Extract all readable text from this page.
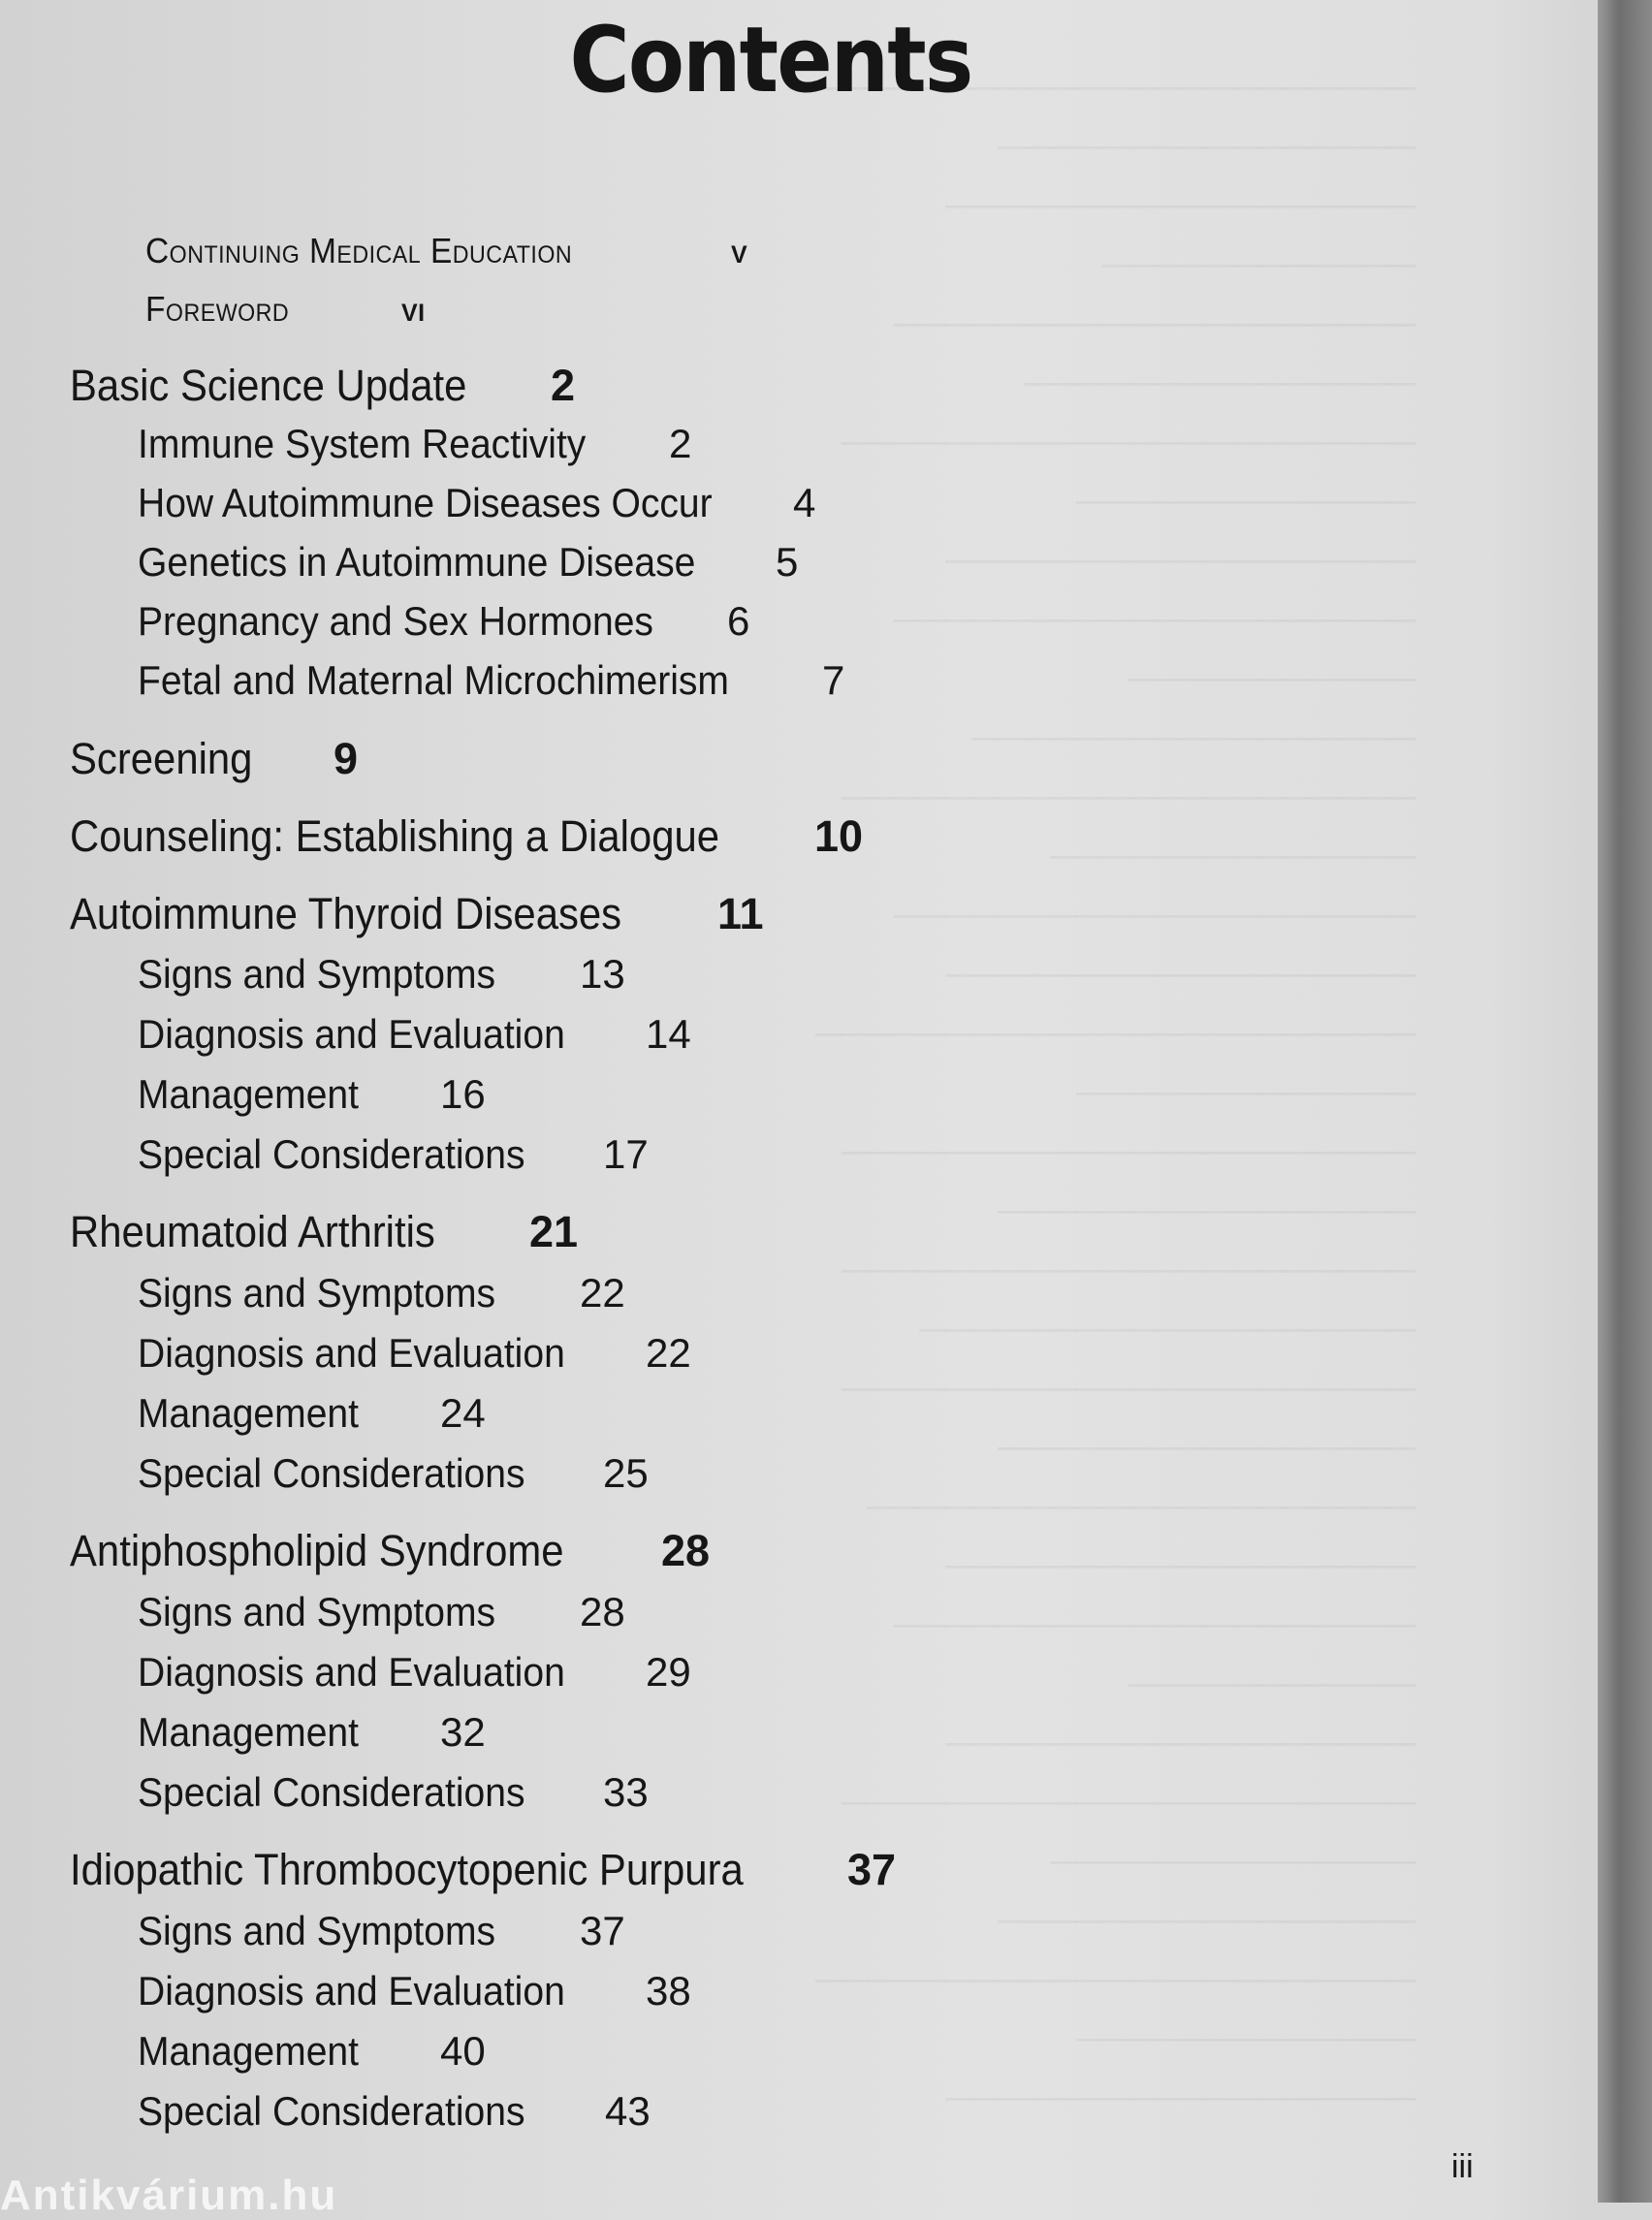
────────────────────────
────────────────
──────────────────
────────────
────────────────────
───────────────
──────────────────────
─────────────
──────────────────
────────────────────
───────────
─────────────────
──────────────────────
──────────────
────────────────────
──────────────────
───────────────────────
─────────────
──────────────────────
────────────────
──────────────────────
───────────────────
──────────────────────
────────────────
─────────────────────
──────────────────
────────────────────
───────────
──────────────────
──────────────────────
──────────────
────────────────
───────────────────────
─────────────
──────────────────

Contents
Continuing Medical Education	v
Foreword	vi
Basic Science Update 2
Immune System Reactivity 2
How Autoimmune Diseases Occur 4
Genetics in Autoimmune Disease 5
Pregnancy and Sex Hormones 6
Fetal and Maternal Microchimerism 7
Screening 9
Counseling: Establishing a Dialogue 10
Autoimmune Thyroid Diseases 11
Signs and Symptoms 13
Diagnosis and Evaluation 14
Management 16
Special Considerations 17
Rheumatoid Arthritis 21
Signs and Symptoms 22
Diagnosis and Evaluation 22
Management 24
Special Considerations 25
Antiphospholipid Syndrome 28
Signs and Symptoms 28
Diagnosis and Evaluation 29
Management 32
Special Considerations 33
Idiopathic Thrombocytopenic Purpura 37
Signs and Symptoms 37
Diagnosis and Evaluation 38
Management 40
Special Considerations 43
iii
Antikvárium.hu
